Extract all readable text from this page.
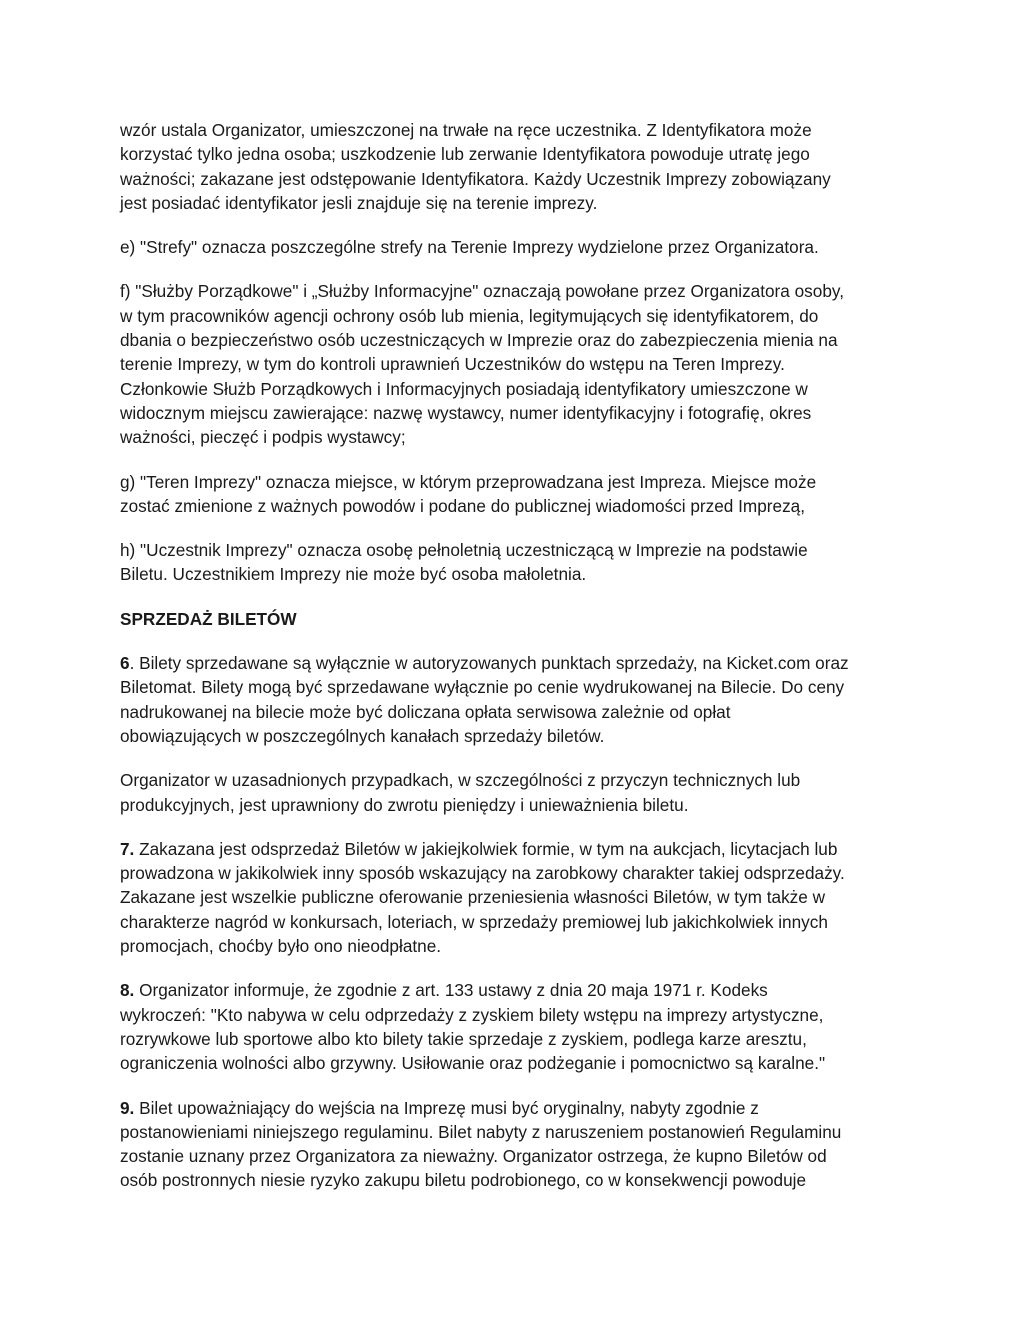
wzór ustala Organizator, umieszczonej na trwałe na ręce uczestnika. Z Identyfikatora może
korzystać tylko jedna osoba; uszkodzenie lub zerwanie Identyfikatora powoduje utratę jego
ważności; zakazane jest odstępowanie Identyfikatora. Każdy Uczestnik Imprezy zobowiązany
jest posiadać identyfikator jesli znajduje się na terenie imprezy.

e) "Strefy" oznacza poszczególne strefy na Terenie Imprezy wydzielone przez Organizatora.

f) "Służby Porządkowe" i „Służby Informacyjne" oznaczają powołane przez Organizatora osoby,
w tym pracowników agencji ochrony osób lub mienia, legitymujących się identyfikatorem, do
dbania o bezpieczeństwo osób uczestniczących w Imprezie oraz do zabezpieczenia mienia na
terenie Imprezy, w tym do kontroli uprawnień Uczestników do wstępu na Teren Imprezy.
Członkowie Służb Porządkowych i Informacyjnych posiadają identyfikatory umieszczone w
widocznym miejscu zawierające: nazwę wystawcy, numer identyfikacyjny i fotografię, okres
ważności, pieczęć i podpis wystawcy;

g) "Teren Imprezy" oznacza miejsce, w którym przeprowadzana jest Impreza. Miejsce może
zostać zmienione z ważnych powodów i podane do publicznej wiadomości przed Imprezą,

h) "Uczestnik Imprezy" oznacza osobę pełnoletnią uczestniczącą w Imprezie na podstawie
Biletu. Uczestnikiem Imprezy nie może być osoba małoletnia.

SPRZEDAŻ BILETÓW

6. Bilety sprzedawane są wyłącznie w autoryzowanych punktach sprzedaży, na Kicket.com oraz
Biletomat. Bilety mogą być sprzedawane wyłącznie po cenie wydrukowanej na Bilecie. Do ceny
nadrukowanej na bilecie może być doliczana opłata serwisowa zależnie od opłat
obowiązujących w poszczególnych kanałach sprzedaży biletów.

Organizator w uzasadnionych przypadkach, w szczególności z przyczyn technicznych lub
produkcyjnych, jest uprawniony do zwrotu pieniędzy i unieważnienia biletu.

7. Zakazana jest odsprzedaż Biletów w jakiejkolwiek formie, w tym na aukcjach, licytacjach lub
prowadzona w jakikolwiek inny sposób wskazujący na zarobkowy charakter takiej odsprzedaży.
Zakazane jest wszelkie publiczne oferowanie przeniesienia własności Biletów, w tym także w
charakterze nagród w konkursach, loteriach, w sprzedaży premiowej lub jakichkolwiek innych
promocjach, choćby było ono nieodpłatne.

8. Organizator informuje, że zgodnie z art. 133 ustawy z dnia 20 maja 1971 r. Kodeks
wykroczeń: "Kto nabywa w celu odprzedaży z zyskiem bilety wstępu na imprezy artystyczne,
rozrywkowe lub sportowe albo kto bilety takie sprzedaje z zyskiem, podlega karze aresztu,
ograniczenia wolności albo grzywny. Usiłowanie oraz podżeganie i pomocnictwo są karalne."

9. Bilet upoważniający do wejścia na Imprezę musi być oryginalny, nabyty zgodnie z
postanowieniami niniejszego regulaminu. Bilet nabyty z naruszeniem postanowień Regulaminu
zostanie uznany przez Organizatora za nieważny. Organizator ostrzega, że kupno Biletów od
osób postronnych niesie ryzyko zakupu biletu podrobionego, co w konsekwencji powoduje
